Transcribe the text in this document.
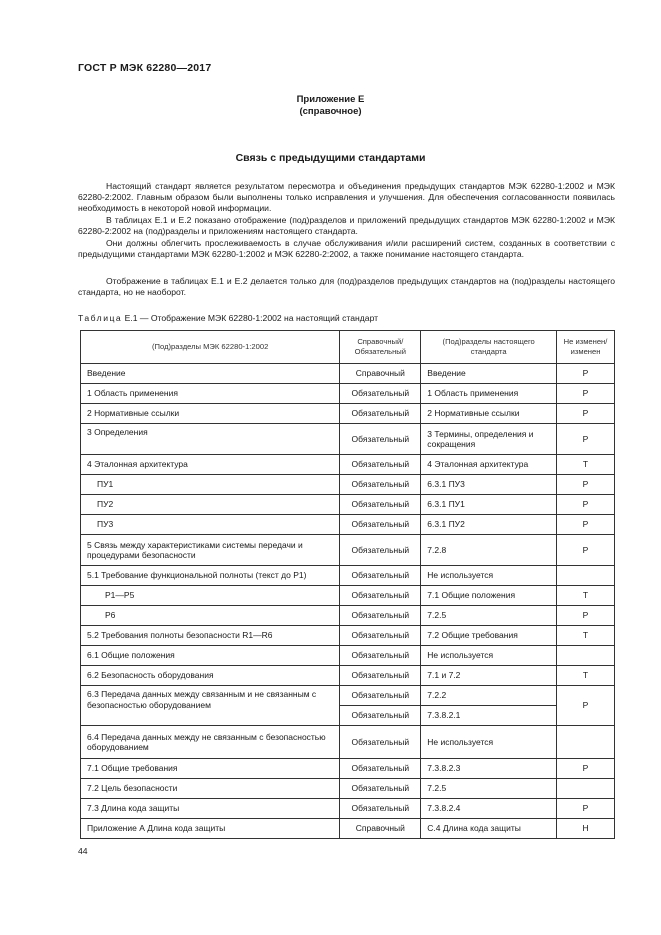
ГОСТ Р МЭК 62280—2017
Приложение Е
(справочное)
Связь с предыдущими стандартами
Настоящий стандарт является результатом пересмотра и объединения предыдущих стандартов МЭК 62280-1:2002 и МЭК 62280-2:2002. Главным образом были выполнены только исправления и улучшения. Для обеспечения согласованности появилась необходимость в некоторой новой информации.
В таблицах Е.1 и Е.2 показано отображение (под)разделов и приложений предыдущих стандартов МЭК 62280-1:2002 и МЭК 62280-2:2002 на (под)разделы и приложениям настоящего стандарта.
Они должны облегчить прослеживаемость в случае обслуживания и/или расширений систем, созданных в соответствии с предыдущими стандартами МЭК 62280-1:2002 и МЭК 62280-2:2002, а также понимание настоящего стандарта.
Отображение в таблицах Е.1 и Е.2 делается только для (под)разделов предыдущих стандартов на (под)разделы настоящего стандарта, но не наоборот.
Таблица Е.1 — Отображение МЭК 62280-1:2002 на настоящий стандарт
(Под)разделы МЭК 62280-1:2002	Справочный/ Обязательный	(Под)разделы настоящего стандарта	Не изменен/ изменен
Введение	Справочный	Введение	Р
1 Область применения	Обязательный	1 Область применения	Р
2 Нормативные ссылки	Обязательный	2 Нормативные ссылки	Р
3 Определения	Обязательный	3 Термины, определения и сокращения	Р
4 Эталонная архитектура	Обязательный	4 Эталонная архитектура	Т
ПУ1	Обязательный	6.3.1 ПУ3	Р
ПУ2	Обязательный	6.3.1 ПУ1	Р
ПУ3	Обязательный	6.3.1 ПУ2	Р
5 Связь между характеристиками системы передачи и процедурами безопасности	Обязательный	7.2.8	Р
5.1 Требование функциональной полноты (текст до Р1)	Обязательный	Не используется	
Р1—Р5	Обязательный	7.1 Общие положения	Т
Р6	Обязательный	7.2.5	Р
5.2 Требования полноты безопасности R1—R6	Обязательный	7.2 Общие требования	Т
6.1 Общие положения	Обязательный	Не используется	
6.2 Безопасность оборудования	Обязательный	7.1 и 7.2	Т
6.3 Передача данных между связанным и не связанным с безопасностью оборудованием	Обязательный	7.2.2	Р
	Обязательный	7.3.8.2.1	
6.4 Передача данных между не связанным с безопасностью оборудованием	Обязательный	Не используется	
7.1 Общие требования	Обязательный	7.3.8.2.3	Р
7.2 Цель безопасности	Обязательный	7.2.5	
7.3 Длина кода защиты	Обязательный	7.3.8.2.4	Р
Приложение А Длина кода защиты	Справочный	С.4 Длина кода защиты	Н
44
